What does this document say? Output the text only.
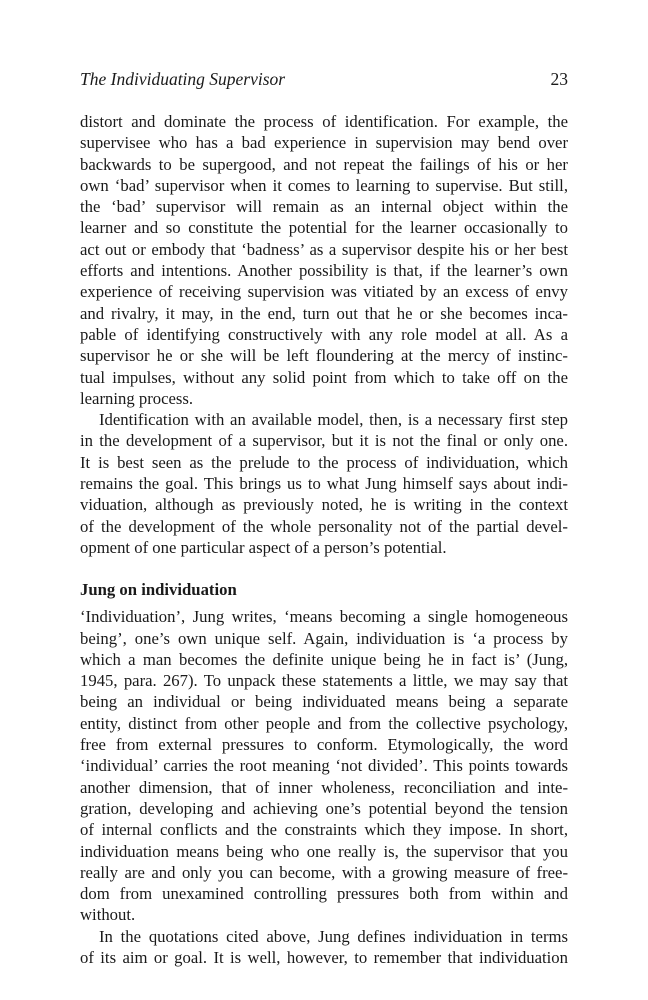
The Individuating Supervisor	23
distort and dominate the process of identification. For example, the
supervisee who has a bad experience in supervision may bend over
backwards to be supergood, and not repeat the failings of his or her
own ‘bad’ supervisor when it comes to learning to supervise. But still,
the ‘bad’ supervisor will remain as an internal object within the
learner and so constitute the potential for the learner occasionally to
act out or embody that ‘badness’ as a supervisor despite his or her best
efforts and intentions. Another possibility is that, if the learner’s own
experience of receiving supervision was vitiated by an excess of envy
and rivalry, it may, in the end, turn out that he or she becomes inca-
pable of identifying constructively with any role model at all. As a
supervisor he or she will be left floundering at the mercy of instinc-
tual impulses, without any solid point from which to take off on the
learning process.
Identification with an available model, then, is a necessary first step
in the development of a supervisor, but it is not the final or only one.
It is best seen as the prelude to the process of individuation, which
remains the goal. This brings us to what Jung himself says about indi-
viduation, although as previously noted, he is writing in the context
of the development of the whole personality not of the partial devel-
opment of one particular aspect of a person’s potential.
Jung on individuation
‘Individuation’, Jung writes, ‘means becoming a single homogeneous
being’, one’s own unique self. Again, individuation is ‘a process by
which a man becomes the definite unique being he in fact is’ (Jung,
1945, para. 267). To unpack these statements a little, we may say that
being an individual or being individuated means being a separate
entity, distinct from other people and from the collective psychology,
free from external pressures to conform. Etymologically, the word
‘individual’ carries the root meaning ‘not divided’. This points towards
another dimension, that of inner wholeness, reconciliation and inte-
gration, developing and achieving one’s potential beyond the tension
of internal conflicts and the constraints which they impose. In short,
individuation means being who one really is, the supervisor that you
really are and only you can become, with a growing measure of free-
dom from unexamined controlling pressures both from within and
without.
In the quotations cited above, Jung defines individuation in terms
of its aim or goal. It is well, however, to remember that individuation
